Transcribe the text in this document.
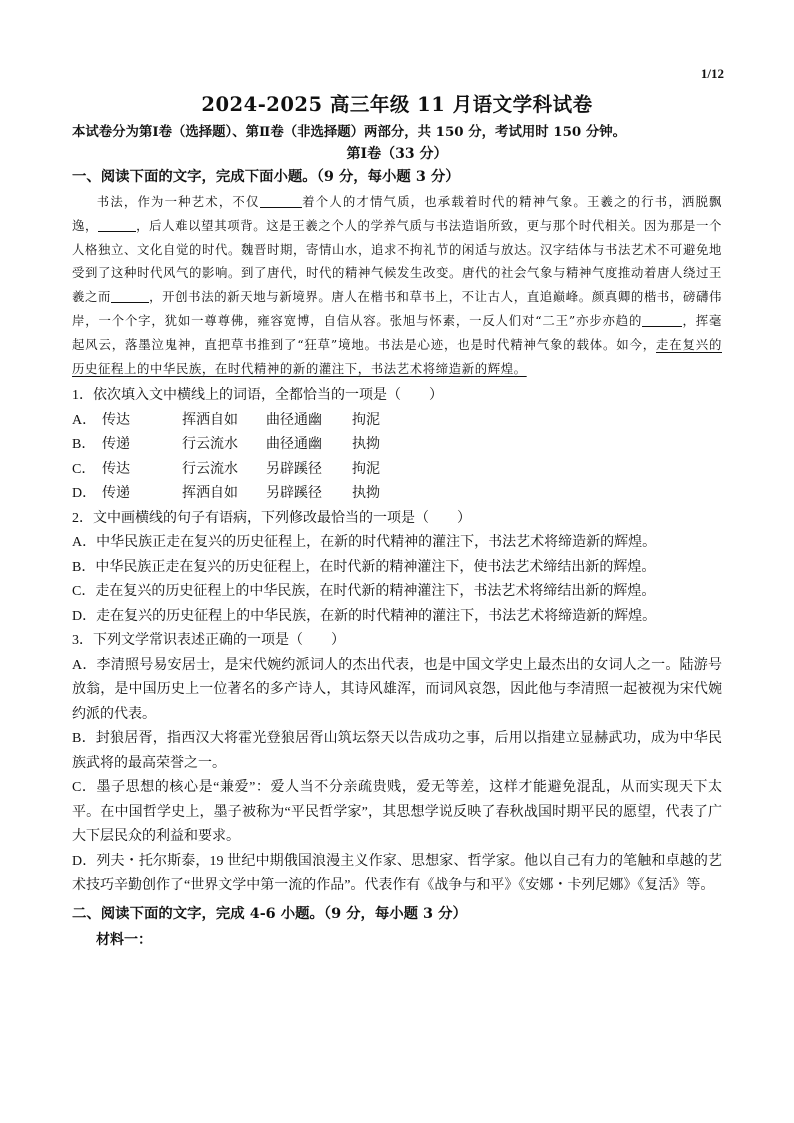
1/12
2024-2025 高三年级 11 月语文学科试卷

本试卷分为第Ⅰ卷（选择题）、第Ⅱ卷（非选择题）两部分，共 150 分，考试用时 150 分钟。

第Ⅰ卷（33 分）

一、阅读下面的文字，完成下面小题。（9 分，每小题 3 分）

书法，作为一种艺术，不仅	着个人的才情气质，也承载着时代的精神气象。王羲之的行书，洒脱飘逸，	，后人难以望其项背。这是王羲之个人的学养气质与书法造诣所致，更与那个时代相关。因为那是一个人格独立、文化自觉的时代。魏晋时期，寄情山水，追求不拘礼节的闲适与放达。汉字结体与书法艺术不可避免地受到了这种时代风气的影响。到了唐代，时代的精神气候发生改变。唐代的社会气象与精神气度推动着唐人绕过王羲之而	，开创书法的新天地与新境界。唐人在楷书和草书上，不让古人，直追巅峰。颜真卿的楷书，磅礴伟岸，一个个字，犹如一尊尊佛，雍容宽博，自信从容。张旭与怀素，一反人们对“二王”亦步亦趋的	，挥毫起风云，落墨泣鬼神，直把草书推到了“狂草”境地。书法是心迹，也是时代精神气象的载体。如今，走在复兴的历史征程上的中华民族，在时代精神的新的灌注下，书法艺术将缔造新的辉煌。

1．依次填入文中横线上的词语，全都恰当的一项是（　　）

A． 传达	挥洒自如	曲径通幽	拘泥
B． 传递	行云流水	曲径通幽	执拗
C． 传达	行云流水	另辟蹊径	拘泥
D． 传递	挥洒自如	另辟蹊径	执拗

2．文中画横线的句子有语病，下列修改最恰当的一项是（　　）

A．中华民族正走在复兴的历史征程上，在新的时代精神的灌注下，书法艺术将缔造新的辉煌。

B．中华民族正走在复兴的历史征程上，在时代新的精神灌注下，使书法艺术缔结出新的辉煌。

C．走在复兴的历史征程上的中华民族，在时代新的精神灌注下，书法艺术将缔结出新的辉煌。

D．走在复兴的历史征程上的中华民族，在新的时代精神的灌注下，书法艺术将缔造新的辉煌。

3．下列文学常识表述正确的一项是（　　）

A．李清照号易安居士，是宋代婉约派词人的杰出代表，也是中国文学史上最杰出的女词人之一。陆游号放翁，是中国历史上一位著名的多产诗人，其诗风雄浑，而词风哀怨，因此他与李清照一起被视为宋代婉约派的代表。

B．封狼居胥，指西汉大将霍光登狼居胥山筑坛祭天以告成功之事，后用以指建立显赫武功，成为中华民族武将的最高荣誉之一。

C．墨子思想的核心是“兼爱”：爱人当不分亲疏贵贱，爱无等差，这样才能避免混乱，从而实现天下太平。在中国哲学史上，墨子被称为“平民哲学家”，其思想学说反映了春秋战国时期平民的愿望，代表了广大下层民众的利益和要求。

D．列夫・托尔斯泰，19 世纪中期俄国浪漫主义作家、思想家、哲学家。他以自己有力的笔触和卓越的艺术技巧辛勤创作了“世界文学中第一流的作品”。代表作有《战争与和平》《安娜・卡列尼娜》《复活》等。

二、阅读下面的文字，完成 4-6 小题。（9 分，每小题 3 分）

材料一：
